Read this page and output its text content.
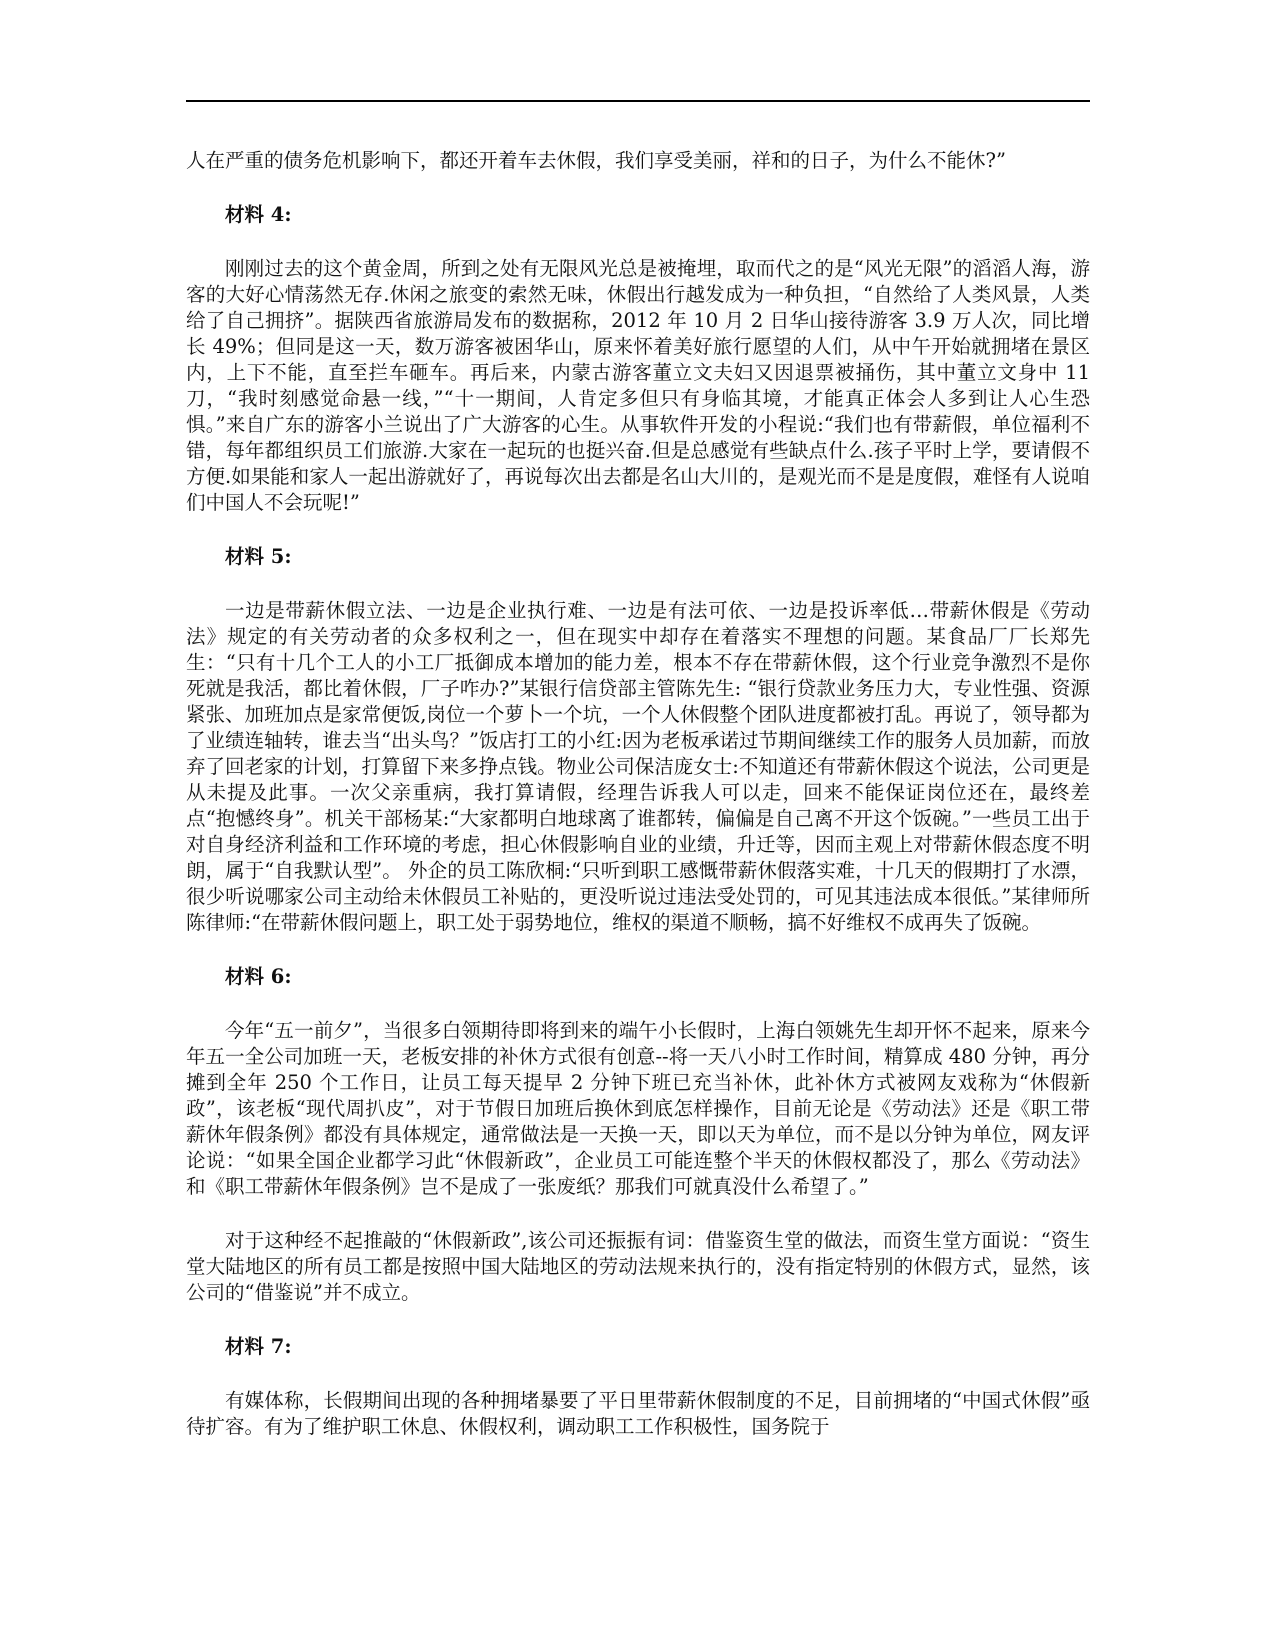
人在严重的债务危机影响下，都还开着车去休假，我们享受美丽，祥和的日子，为什么不能休?”

材料 4:

刚刚过去的这个黄金周，所到之处有无限风光总是被掩埋，取而代之的是“风光无限”的滔滔人海，游客的大好心情荡然无存.休闲之旅变的索然无味，休假出行越发成为一种负担，“自然给了人类风景，人类给了自己拥挤”。据陕西省旅游局发布的数据称，2012 年 10 月 2 日华山接待游客 3.9 万人次，同比增长 49%；但同是这一天，数万游客被困华山，原来怀着美好旅行愿望的人们，从中午开始就拥堵在景区内，上下不能，直至拦车砸车。再后来，内蒙古游客董立文夫妇又因退票被捅伤，其中董立文身中 11 刀，“我时刻感觉命悬一线，”“十一期间，人肯定多但只有身临其境，才能真正体会人多到让人心生恐惧。”来自广东的游客小兰说出了广大游客的心生。从事软件开发的小程说:“我们也有带薪假，单位福利不错，每年都组织员工们旅游.大家在一起玩的也挺兴奋.但是总感觉有些缺点什么.孩子平时上学，要请假不方便.如果能和家人一起出游就好了，再说每次出去都是名山大川的，是观光而不是是度假，难怪有人说咱们中国人不会玩呢!”

材料 5:

一边是带薪休假立法、一边是企业执行难、一边是有法可依、一边是投诉率低…带薪休假是《劳动法》规定的有关劳动者的众多权利之一，但在现实中却存在着落实不理想的问题。某食品厂厂长郑先生：“只有十几个工人的小工厂抵御成本增加的能力差，根本不存在带薪休假，这个行业竞争激烈不是你死就是我活，都比着休假，厂子咋办?”某银行信贷部主管陈先生: “银行贷款业务压力大，专业性强、资源紧张、加班加点是家常便饭,岗位一个萝卜一个坑，一个人休假整个团队进度都被打乱。再说了，领导都为了业绩连轴转，谁去当“出头鸟？”饭店打工的小红:因为老板承诺过节期间继续工作的服务人员加薪，而放弃了回老家的计划，打算留下来多挣点钱。物业公司保洁庞女士:不知道还有带薪休假这个说法，公司更是从未提及此事。一次父亲重病，我打算请假，经理告诉我人可以走，回来不能保证岗位还在，最终差点“抱憾终身”。机关干部杨某:“大家都明白地球离了谁都转，偏偏是自己离不开这个饭碗。”一些员工出于对自身经济利益和工作环境的考虑，担心休假影响自业的业绩，升迁等，因而主观上对带薪休假态度不明朗，属于“自我默认型”。 外企的员工陈欣桐:“只听到职工感慨带薪休假落实难，十几天的假期打了水漂，很少听说哪家公司主动给未休假员工补贴的，更没听说过违法受处罚的，可见其违法成本很低。”某律师所陈律师:“在带薪休假问题上，职工处于弱势地位，维权的渠道不顺畅，搞不好维权不成再失了饭碗。

材料 6:

今年“五一前夕”，当很多白领期待即将到来的端午小长假时，上海白领姚先生却开怀不起来，原来今年五一全公司加班一天，老板安排的补休方式很有创意--将一天八小时工作时间，精算成 480 分钟，再分摊到全年 250 个工作日，让员工每天提早 2 分钟下班已充当补休，此补休方式被网友戏称为“休假新政”，该老板“现代周扒皮”，对于节假日加班后换休到底怎样操作，目前无论是《劳动法》还是《职工带薪休年假条例》都没有具体规定，通常做法是一天换一天，即以天为单位，而不是以分钟为单位，网友评论说：“如果全国企业都学习此“休假新政”，企业员工可能连整个半天的休假权都没了，那么《劳动法》和《职工带薪休年假条例》岂不是成了一张废纸？那我们可就真没什么希望了。”

对于这种经不起推敲的“休假新政”,该公司还振振有词：借鉴资生堂的做法，而资生堂方面说：“资生堂大陆地区的所有员工都是按照中国大陆地区的劳动法规来执行的，没有指定特别的休假方式，显然，该公司的“借鉴说”并不成立。

材料 7:

有媒体称，长假期间出现的各种拥堵暴要了平日里带薪休假制度的不足，目前拥堵的“中国式休假”亟待扩容。有为了维护职工休息、休假权利，调动职工工作积极性，国务院于
